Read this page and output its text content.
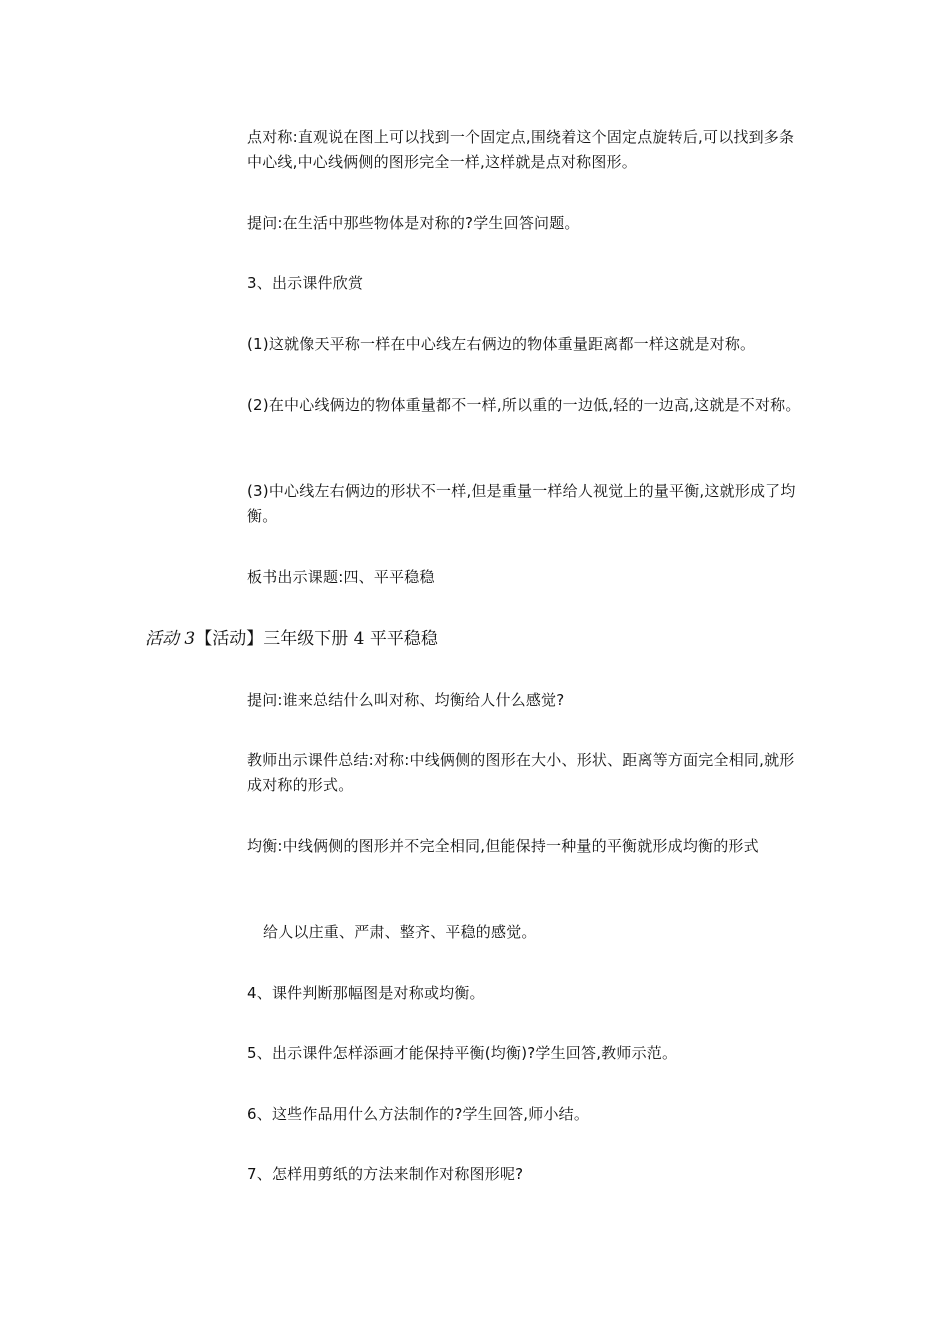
点对称:直观说在图上可以找到一个固定点,围绕着这个固定点旋转后,可以找到多条中心线,中心线俩侧的图形完全一样,这样就是点对称图形。

提问:在生活中那些物体是对称的?学生回答问题。

3、出示课件欣赏

(1)这就像天平称一样在中心线左右俩边的物体重量距离都一样这就是对称。

(2)在中心线俩边的物体重量都不一样,所以重的一边低,轻的一边高,这就是不对称。

(3)中心线左右俩边的形状不一样,但是重量一样给人视觉上的量平衡,这就形成了均衡。

板书出示课题:四、平平稳稳

活动 3【活动】三年级下册 4 平平稳稳

提问:谁来总结什么叫对称、均衡给人什么感觉?

教师出示课件总结:对称:中线俩侧的图形在大小、形状、距离等方面完全相同,就形成对称的形式。

均衡:中线俩侧的图形并不完全相同,但能保持一种量的平衡就形成均衡的形式

给人以庄重、严肃、整齐、平稳的感觉。

4、课件判断那幅图是对称或均衡。

5、出示课件怎样添画才能保持平衡(均衡)?学生回答,教师示范。

6、这些作品用什么方法制作的?学生回答,师小结。

7、怎样用剪纸的方法来制作对称图形呢?
